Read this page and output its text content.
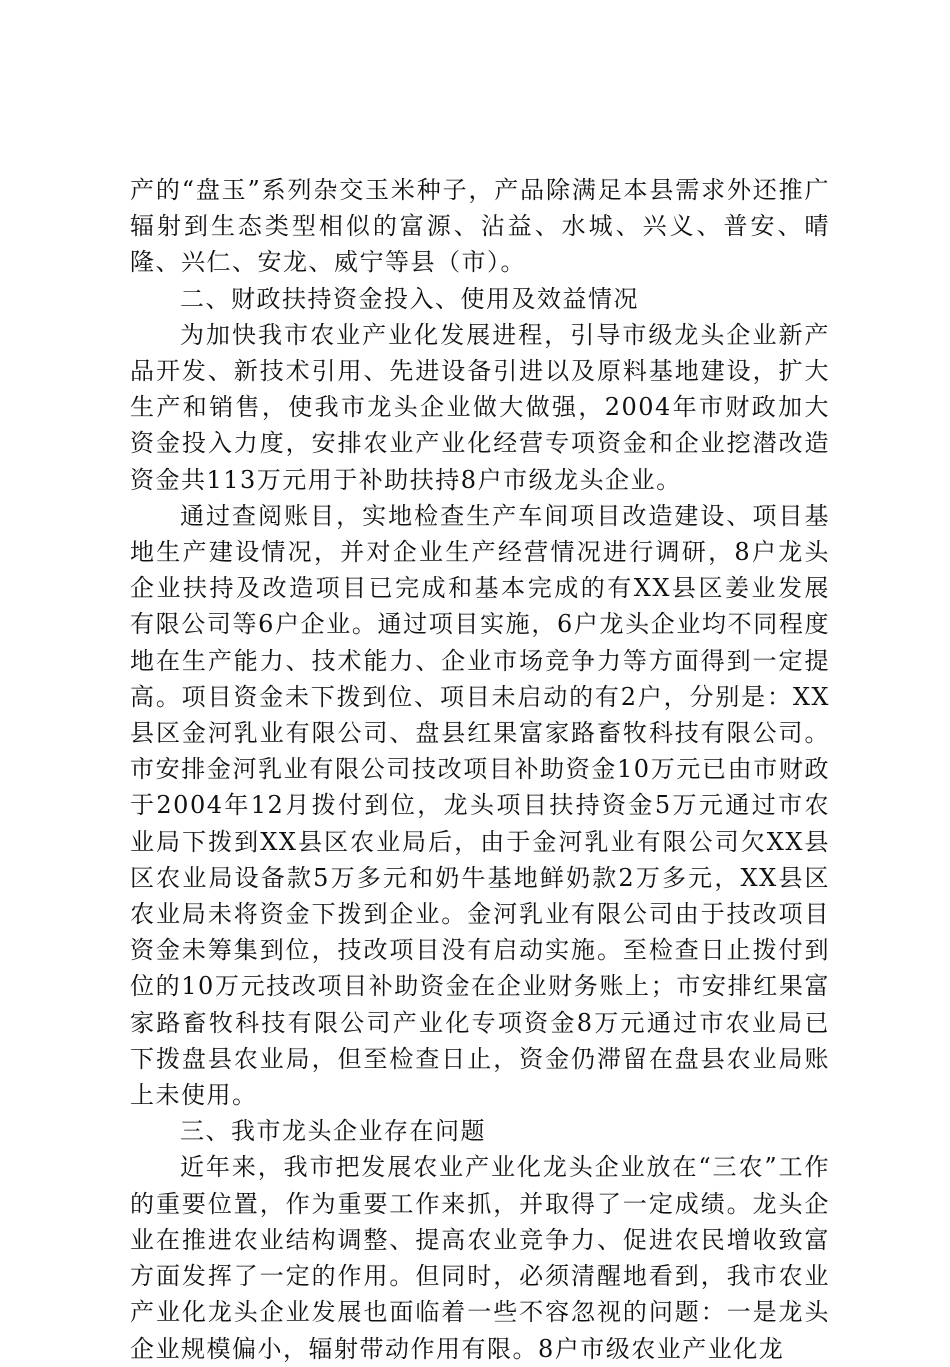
产的“盘玉”系列杂交玉米种子，产品除满足本县需求外还推广辐射到生态类型相似的富源、沾益、水城、兴义、普安、晴隆、兴仁、安龙、威宁等县（市）。

二、财政扶持资金投入、使用及效益情况

为加快我市农业产业化发展进程，引导市级龙头企业新产品开发、新技术引用、先进设备引进以及原料基地建设，扩大生产和销售，使我市龙头企业做大做强，2004年市财政加大资金投入力度，安排农业产业化经营专项资金和企业挖潜改造资金共113万元用于补助扶持8户市级龙头企业。

通过查阅账目，实地检查生产车间项目改造建设、项目基地生产建设情况，并对企业生产经营情况进行调研，8户龙头企业扶持及改造项目已完成和基本完成的有XX县区姜业发展有限公司等6户企业。通过项目实施，6户龙头企业均不同程度地在生产能力、技术能力、企业市场竞争力等方面得到一定提高。项目资金未下拨到位、项目未启动的有2户，分别是：XX县区金河乳业有限公司、盘县红果富家路畜牧科技有限公司。市安排金河乳业有限公司技改项目补助资金10万元已由市财政于2004年12月拨付到位，龙头项目扶持资金5万元通过市农业局下拨到XX县区农业局后，由于金河乳业有限公司欠XX县区农业局设备款5万多元和奶牛基地鲜奶款2万多元，XX县区农业局未将资金下拨到企业。金河乳业有限公司由于技改项目资金未筹集到位，技改项目没有启动实施。至检查日止拨付到位的10万元技改项目补助资金在企业财务账上；市安排红果富家路畜牧科技有限公司产业化专项资金8万元通过市农业局已下拨盘县农业局，但至检查日止，资金仍滞留在盘县农业局账上未使用。

三、我市龙头企业存在问题

近年来，我市把发展农业产业化龙头企业放在“三农”工作的重要位置，作为重要工作来抓，并取得了一定成绩。龙头企业在推进农业结构调整、提高农业竞争力、促进农民增收致富方面发挥了一定的作用。但同时，必须清醒地看到，我市农业产业化龙头企业发展也面临着一些不容忽视的问题：一是龙头企业规模偏小，辐射带动作用有限。8户市级农业产业化龙
